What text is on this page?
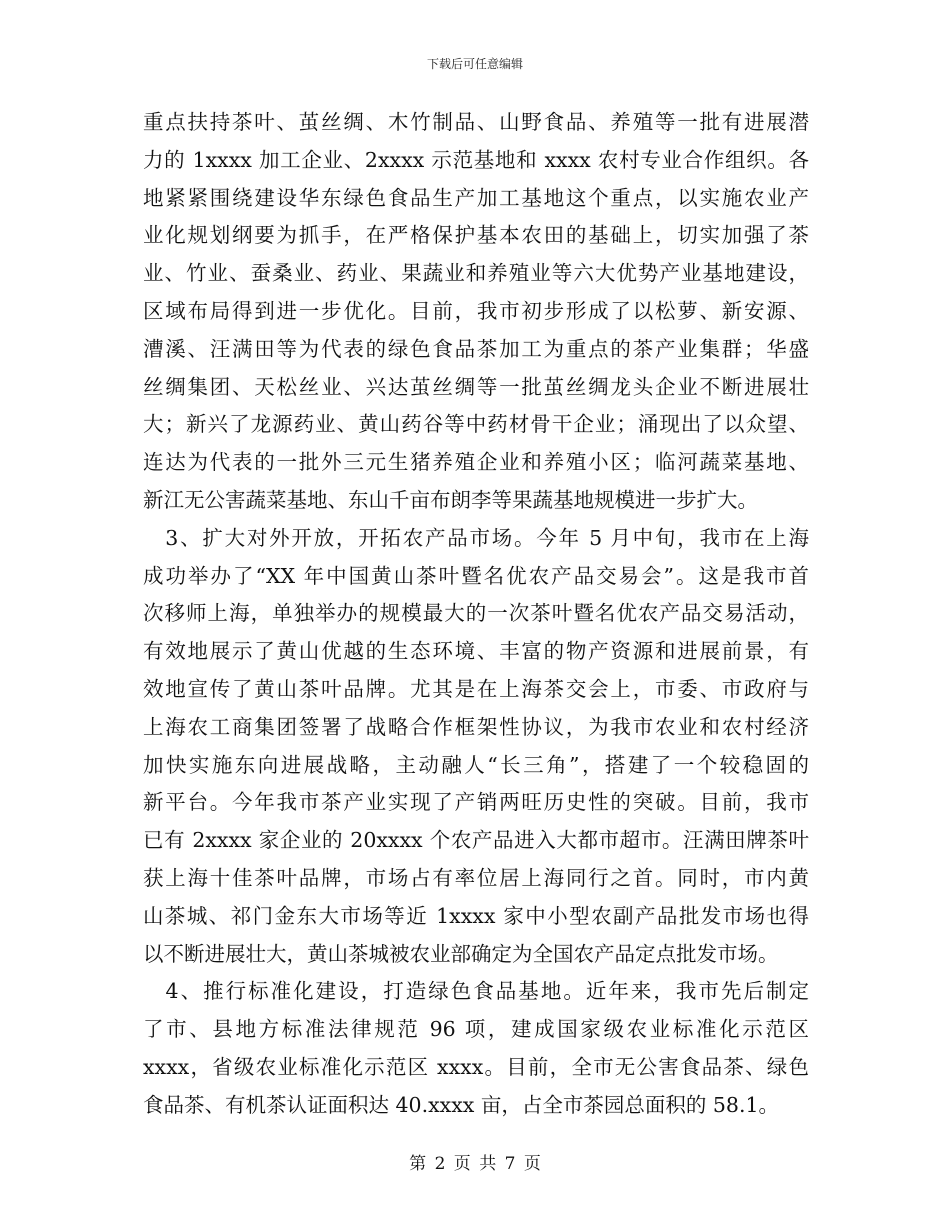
下载后可任意编辑
重点扶持茶叶、茧丝绸、木竹制品、山野食品、养殖等一批有进展潜
力的 1xxxx 加工企业、2xxxx 示范基地和 xxxx 农村专业合作组织。各
地紧紧围绕建设华东绿色食品生产加工基地这个重点，以实施农业产
业化规划纲要为抓手，在严格保护基本农田的基础上，切实加强了茶
业、竹业、蚕桑业、药业、果蔬业和养殖业等六大优势产业基地建设，
区域布局得到进一步优化。目前，我市初步形成了以松萝、新安源、
漕溪、汪满田等为代表的绿色食品茶加工为重点的茶产业集群；华盛
丝绸集团、天松丝业、兴达茧丝绸等一批茧丝绸龙头企业不断进展壮
大；新兴了龙源药业、黄山药谷等中药材骨干企业；涌现出了以众望、
连达为代表的一批外三元生猪养殖企业和养殖小区；临河蔬菜基地、
新江无公害蔬菜基地、东山千亩布朗李等果蔬基地规模进一步扩大。
　3、扩大对外开放，开拓农产品市场。今年 5 月中旬，我市在上海
成功举办了“XX 年中国黄山茶叶暨名优农产品交易会”。这是我市首
次移师上海，单独举办的规模最大的一次茶叶暨名优农产品交易活动，
有效地展示了黄山优越的生态环境、丰富的物产资源和进展前景，有
效地宣传了黄山茶叶品牌。尤其是在上海茶交会上，市委、市政府与
上海农工商集团签署了战略合作框架性协议，为我市农业和农村经济
加快实施东向进展战略，主动融人“长三角”，搭建了一个较稳固的
新平台。今年我市茶产业实现了产销两旺历史性的突破。目前，我市
已有 2xxxx 家企业的 20xxxx 个农产品进入大都市超市。汪满田牌茶叶
获上海十佳茶叶品牌，市场占有率位居上海同行之首。同时，市内黄
山茶城、祁门金东大市场等近 1xxxx 家中小型农副产品批发市场也得
以不断进展壮大，黄山茶城被农业部确定为全国农产品定点批发市场。
　4、推行标准化建设，打造绿色食品基地。近年来，我市先后制定
了市、县地方标准法律规范 96 项，建成国家级农业标准化示范区
xxxx，省级农业标准化示范区 xxxx。目前，全市无公害食品茶、绿色
食品茶、有机茶认证面积达 40.xxxx 亩，占全市茶园总面积的 58.1。
第 2 页 共 7 页
